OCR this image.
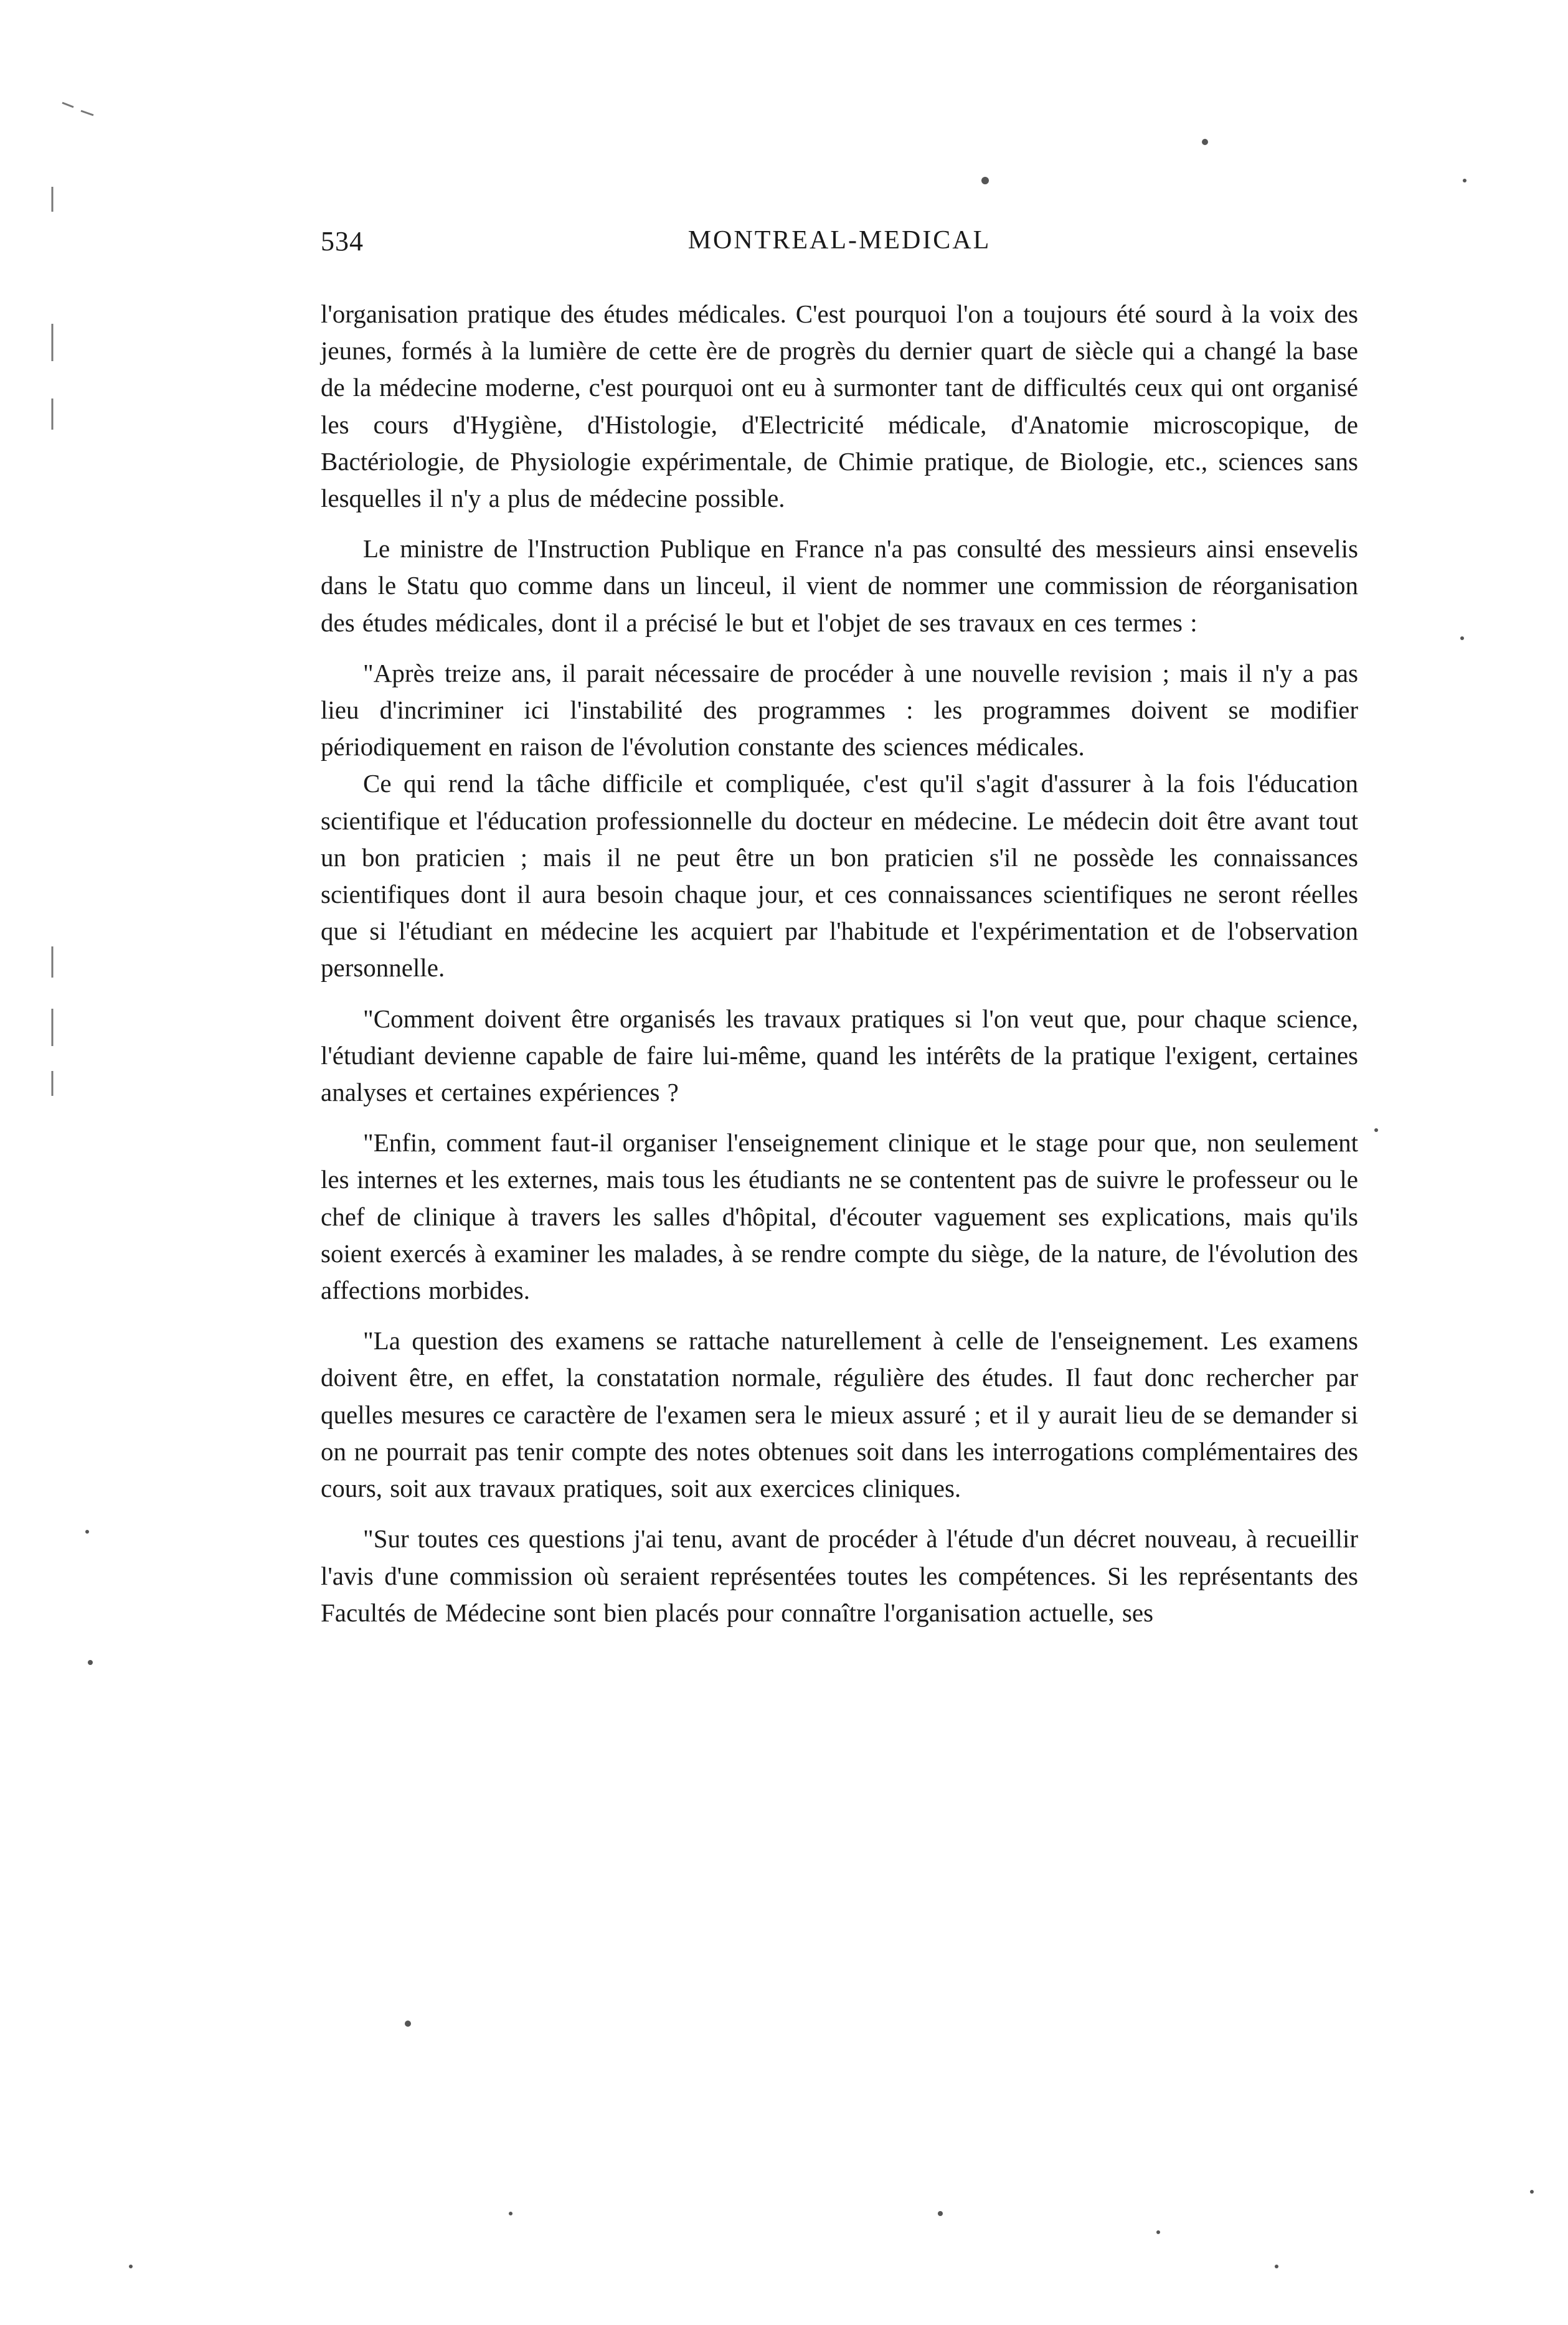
534	MONTREAL-MEDICAL

l'organisation pratique des études médicales. C'est pourquoi l'on a toujours été sourd à la voix des jeunes, formés à la lumière de cette ère de progrès du dernier quart de siècle qui a changé la base de la médecine moderne, c'est pourquoi ont eu à surmonter tant de difficultés ceux qui ont organisé les cours d'Hygiène, d'Histologie, d'Electricité médicale, d'Anatomie microscopique, de Bactériologie, de Physiologie expérimentale, de Chimie pratique, de Biologie, etc., sciences sans lesquelles il n'y a plus de médecine possible.

Le ministre de l'Instruction Publique en France n'a pas consulté des messieurs ainsi ensevelis dans le Statu quo comme dans un linceul, il vient de nommer une commission de réorganisation des études médicales, dont il a précisé le but et l'objet de ses travaux en ces termes :

"Après treize ans, il parait nécessaire de procéder à une nouvelle revision ; mais il n'y a pas lieu d'incriminer ici l'instabilité des programmes : les programmes doivent se modifier périodiquement en raison de l'évolution constante des sciences médicales.

Ce qui rend la tâche difficile et compliquée, c'est qu'il s'agit d'assurer à la fois l'éducation scientifique et l'éducation professionnelle du docteur en médecine. Le médecin doit être avant tout un bon praticien ; mais il ne peut être un bon praticien s'il ne possède les connaissances scientifiques dont il aura besoin chaque jour, et ces connaissances scientifiques ne seront réelles que si l'étudiant en médecine les acquiert par l'habitude et l'expérimentation et de l'observation personnelle.

"Comment doivent être organisés les travaux pratiques si l'on veut que, pour chaque science, l'étudiant devienne capable de faire lui-même, quand les intérêts de la pratique l'exigent, certaines analyses et certaines expériences ?

"Enfin, comment faut-il organiser l'enseignement clinique et le stage pour que, non seulement les internes et les externes, mais tous les étudiants ne se contentent pas de suivre le professeur ou le chef de clinique à travers les salles d'hôpital, d'écouter vaguement ses explications, mais qu'ils soient exercés à examiner les malades, à se rendre compte du siège, de la nature, de l'évolution des affections morbides.

"La question des examens se rattache naturellement à celle de l'enseignement. Les examens doivent être, en effet, la constatation normale, régulière des études. Il faut donc rechercher par quelles mesures ce caractère de l'examen sera le mieux assuré ; et il y aurait lieu de se demander si on ne pourrait pas tenir compte des notes obtenues soit dans les interrogations complémentaires des cours, soit aux travaux pratiques, soit aux exercices cliniques.

"Sur toutes ces questions j'ai tenu, avant de procéder à l'étude d'un décret nouveau, à recueillir l'avis d'une commission où seraient représentées toutes les compétences. Si les représentants des Facultés de Médecine sont bien placés pour connaître l'organisation actuelle, ses
